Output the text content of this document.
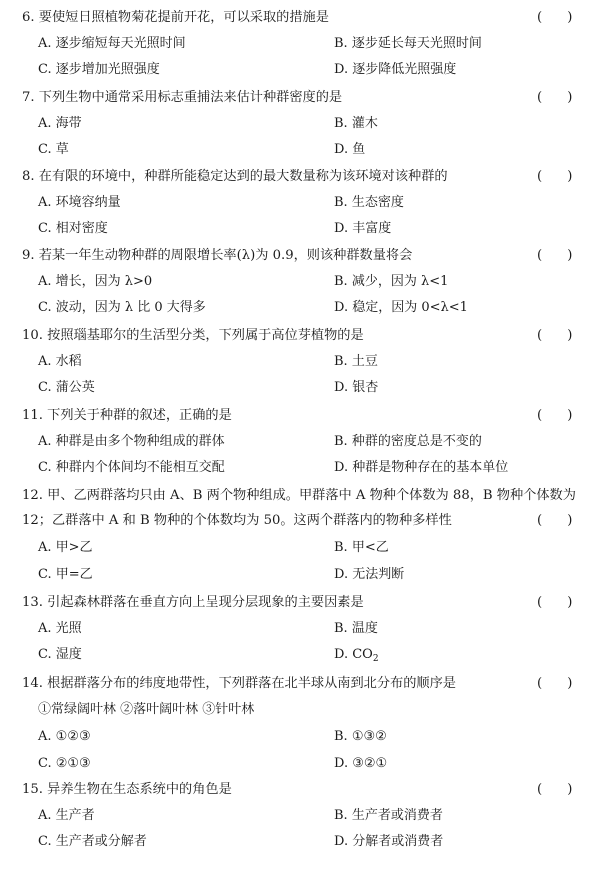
6. 要使短日照植物菊花提前开花，可以采取的措施是	(      )
A. 逐步缩短每天光照时间	B. 逐步延长每天光照时间
C. 逐步增加光照强度	D. 逐步降低光照强度
7. 下列生物中通常采用标志重捕法来估计种群密度的是	(      )
A. 海带	B. 灌木
C. 草	D. 鱼
8. 在有限的环境中，种群所能稳定达到的最大数量称为该环境对该种群的	(      )
A. 环境容纳量	B. 生态密度
C. 相对密度	D. 丰富度
9. 若某一年生动物种群的周限增长率(λ)为 0.9，则该种群数量将会	(      )
A. 增长，因为 λ>0	B. 减少，因为 λ<1
C. 波动，因为 λ 比 0 大得多	D. 稳定，因为 0<λ<1
10. 按照瑙基耶尔的生活型分类，下列属于高位芽植物的是	(      )
A. 水稻	B. 土豆
C. 蒲公英	D. 银杏
11. 下列关于种群的叙述，正确的是	(      )
A. 种群是由多个物种组成的群体	B. 种群的密度总是不变的
C. 种群内个体间均不能相互交配	D. 种群是物种存在的基本单位
12. 甲、乙两群落均只由 A、B 两个物种组成。甲群落中 A 物种个体数为 88，B 物种个体数为
12；乙群落中 A 和 B 物种的个体数均为 50。这两个群落内的物种多样性	(      )
A. 甲>乙	B. 甲<乙
C. 甲=乙	D. 无法判断
13. 引起森林群落在垂直方向上呈现分层现象的主要因素是	(      )
A. 光照	B. 温度
C. 湿度	D. $CO_2$
14. 根据群落分布的纬度地带性，下列群落在北半球从南到北分布的顺序是	(      )
①常绿阔叶林 ②落叶阔叶林 ③针叶林
A. ①②③	B. ①③②
C. ②①③	D. ③②①
15. 异养生物在生态系统中的角色是	(      )
A. 生产者	B. 生产者或消费者
C. 生产者或分解者	D. 分解者或消费者
